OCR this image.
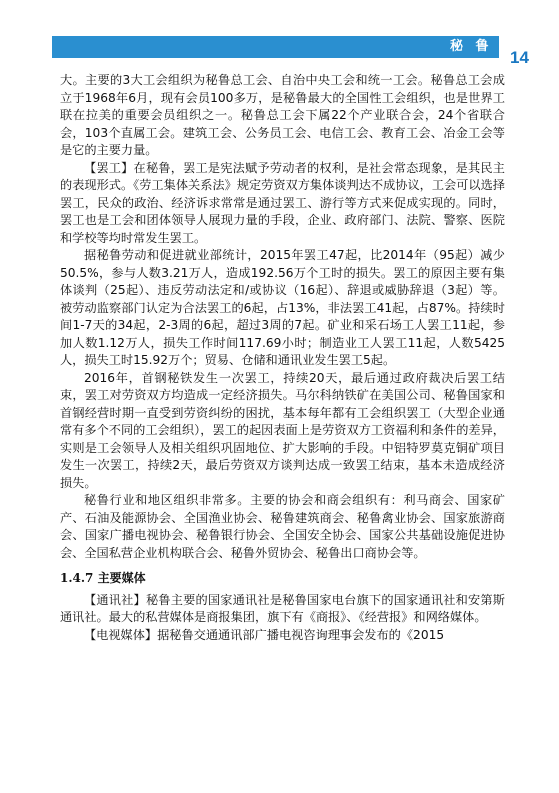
秘 鲁
14

大。主要的3大工会组织为秘鲁总工会、自治中央工会和统一工会。秘鲁总工会成立于1968年6月，现有会员100多万，是秘鲁最大的全国性工会组织，也是世界工联在拉美的重要会员组织之一。秘鲁总工会下属22个产业联合会，24个省联合会，103个直属工会。建筑工会、公务员工会、电信工会、教育工会、冶金工会等是它的主要力量。

【罢工】在秘鲁，罢工是宪法赋予劳动者的权利，是社会常态现象，是其民主的表现形式。《劳工集体关系法》规定劳资双方集体谈判达不成协议，工会可以选择罢工，民众的政治、经济诉求常常是通过罢工、游行等方式来促成实现的。同时，罢工也是工会和团体领导人展现力量的手段，企业、政府部门、法院、警察、医院和学校等均时常发生罢工。

据秘鲁劳动和促进就业部统计，2015年罢工47起，比2014年（95起）减少50.5%，参与人数3.21万人，造成192.56万个工时的损失。罢工的原因主要有集体谈判（25起）、违反劳动法定和/或协议（16起）、辞退或威胁辞退（3起）等。被劳动监察部门认定为合法罢工的6起，占13%，非法罢工41起，占87%。持续时间1-7天的34起，2-3周的6起，超过3周的7起。矿业和采石场工人罢工11起，参加人数1.12万人，损失工作时间117.69小时；制造业工人罢工11起，人数5425人，损失工时15.92万个；贸易、仓储和通讯业发生罢工5起。

2016年，首钢秘铁发生一次罢工，持续20天，最后通过政府裁决后罢工结束，罢工对劳资双方均造成一定经济损失。马尔科纳铁矿在美国公司、秘鲁国家和首钢经营时期一直受到劳资纠纷的困扰，基本每年都有工会组织罢工（大型企业通常有多个不同的工会组织），罢工的起因表面上是劳资双方工资福利和条件的差异，实则是工会领导人及相关组织巩固地位、扩大影响的手段。中铝特罗莫克铜矿项目发生一次罢工，持续2天，最后劳资双方谈判达成一致罢工结束，基本未造成经济损失。

秘鲁行业和地区组织非常多。主要的协会和商会组织有：利马商会、国家矿产、石油及能源协会、全国渔业协会、秘鲁建筑商会、秘鲁禽业协会、国家旅游商会、国家广播电视协会、秘鲁银行协会、全国安全协会、国家公共基础设施促进协会、全国私营企业机构联合会、秘鲁外贸协会、秘鲁出口商协会等。

1.4.7 主要媒体

【通讯社】秘鲁主要的国家通讯社是秘鲁国家电台旗下的国家通讯社和安第斯通讯社。最大的私营媒体是商报集团，旗下有《商报》、《经营报》和网络媒体。

【电视媒体】据秘鲁交通通讯部广播电视咨询理事会发布的《2015
